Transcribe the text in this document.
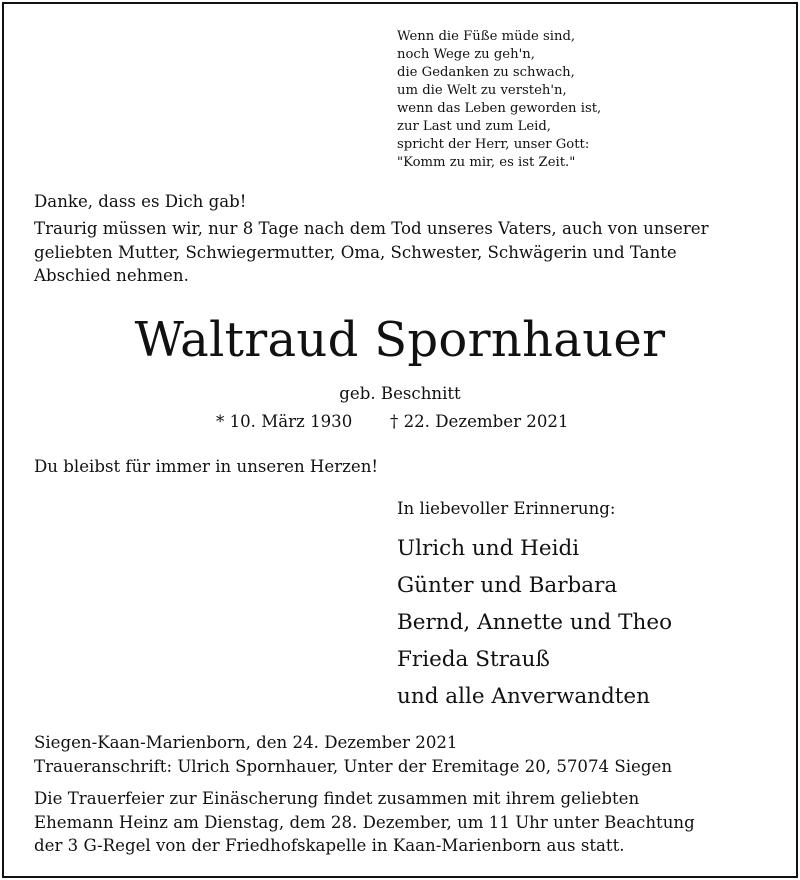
Wenn die Füße müde sind,
noch Wege zu geh'n,
die Gedanken zu schwach,
um die Welt zu versteh'n,
wenn das Leben geworden ist,
zur Last und zum Leid,
spricht der Herr, unser Gott:
"Komm zu mir, es ist Zeit."
Danke, dass es Dich gab!
Traurig müssen wir, nur 8 Tage nach dem Tod unseres Vaters, auch von unserer
geliebten Mutter, Schwiegermutter, Oma, Schwester, Schwägerin und Tante
Abschied nehmen.
Waltraud Spornhauer
geb. Beschnitt
* 10. März 1930 † 22. Dezember 2021
Du bleibst für immer in unseren Herzen!
In liebevoller Erinnerung:
Ulrich und Heidi
Günter und Barbara
Bernd, Annette und Theo
Frieda Strauß
und alle Anverwandten
Siegen-Kaan-Marienborn, den 24. Dezember 2021
Traueranschrift: Ulrich Spornhauer, Unter der Eremitage 20, 57074 Siegen
Die Trauerfeier zur Einäscherung findet zusammen mit ihrem geliebten
Ehemann Heinz am Dienstag, dem 28. Dezember, um 11 Uhr unter Beachtung
der 3 G-Regel von der Friedhofskapelle in Kaan-Marienborn aus statt.
